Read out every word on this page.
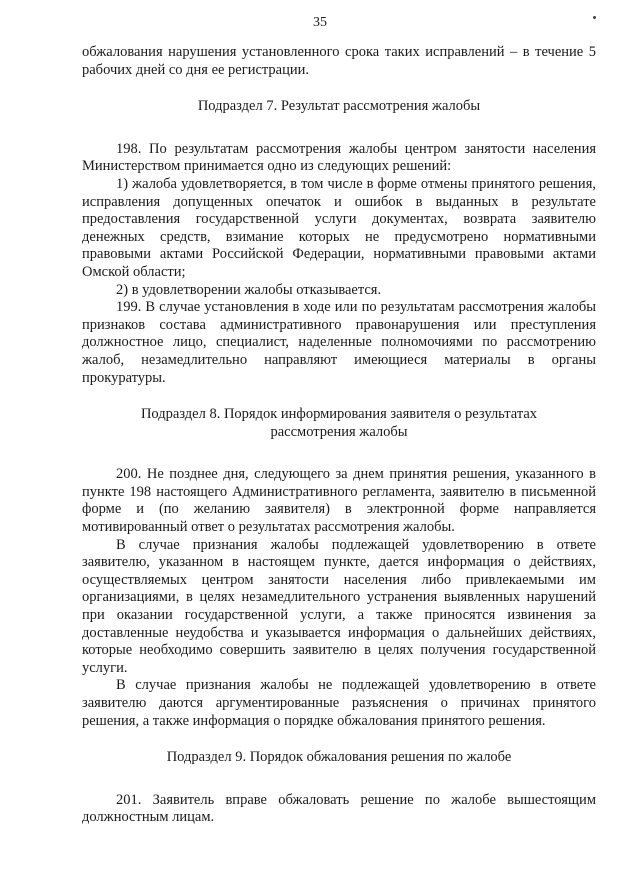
35

обжалования нарушения установленного срока таких исправлений – в течение 5 рабочих дней со дня ее регистрации.

Подраздел 7. Результат рассмотрения жалобы

198. По результатам рассмотрения жалобы центром занятости населения Министерством принимается одно из следующих решений:

1) жалоба удовлетворяется, в том числе в форме отмены принятого решения, исправления допущенных опечаток и ошибок в выданных в результате предоставления государственной услуги документах, возврата заявителю денежных средств, взимание которых не предусмотрено нормативными правовыми актами Российской Федерации, нормативными правовыми актами Омской области;

2) в удовлетворении жалобы отказывается.

199. В случае установления в ходе или по результатам рассмотрения жалобы признаков состава административного правонарушения или преступления должностное лицо, специалист, наделенные полномочиями по рассмотрению жалоб, незамедлительно направляют имеющиеся материалы в органы прокуратуры.

Подраздел 8. Порядок информирования заявителя о результатах

рассмотрения жалобы

200. Не позднее дня, следующего за днем принятия решения, указанного в пункте 198 настоящего Административного регламента, заявителю в письменной форме и (по желанию заявителя) в электронной форме направляется мотивированный ответ о результатах рассмотрения жалобы.

В случае признания жалобы подлежащей удовлетворению в ответе заявителю, указанном в настоящем пункте, дается информация о действиях, осуществляемых центром занятости населения либо привлекаемыми им организациями, в целях незамедлительного устранения выявленных нарушений при оказании государственной услуги, а также приносятся извинения за доставленные неудобства и указывается информация о дальнейших действиях, которые необходимо совершить заявителю в целях получения государственной услуги.

В случае признания жалобы не подлежащей удовлетворению в ответе заявителю даются аргументированные разъяснения о причинах принятого решения, а также информация о порядке обжалования принятого решения.

Подраздел 9. Порядок обжалования решения по жалобе

201. Заявитель вправе обжаловать решение по жалобе вышестоящим должностным лицам.
